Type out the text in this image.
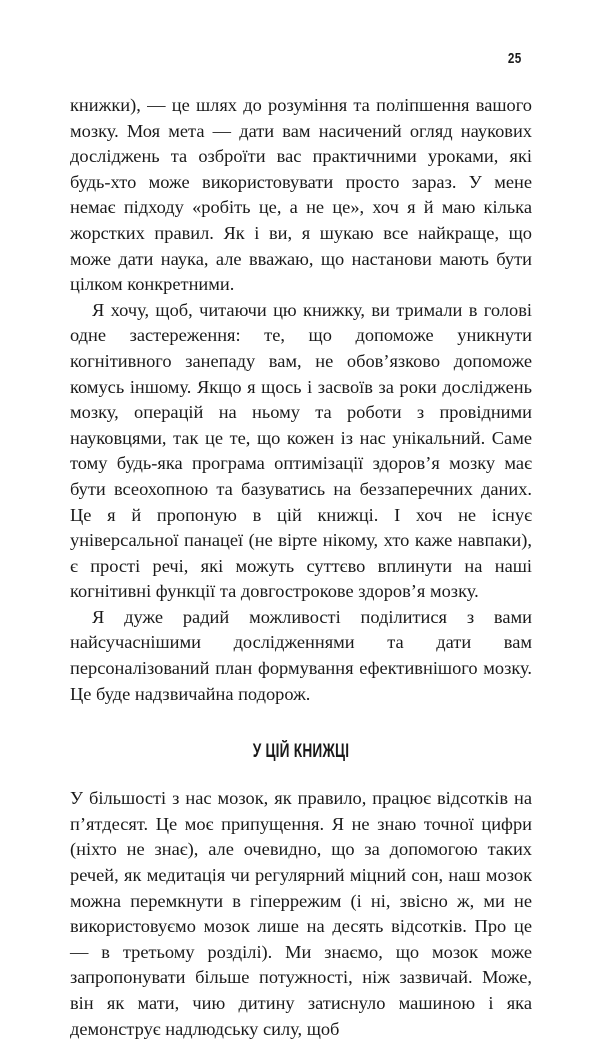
25

книжки), — це шлях до розуміння та поліпшення вашого мозку. Моя мета — дати вам насичений огляд наукових досліджень та озброїти вас практичними уроками, які будь-хто може використовувати просто зараз. У мене немає підходу «робіть це, а не це», хоч я й маю кілька жорстких правил. Як і ви, я шукаю все найкраще, що може дати наука, але вважаю, що настанови мають бути цілком конкретними.

Я хочу, щоб, читаючи цю книжку, ви тримали в голові одне застереження: те, що допоможе уникнути когнітивного занепаду вам, не обов’язково допоможе комусь іншому. Якщо я щось і засвоїв за роки досліджень мозку, операцій на ньому та роботи з провідними науковцями, так це те, що кожен із нас унікальний. Саме тому будь-яка програма оптимізації здоров’я мозку має бути всеохопною та базуватись на беззаперечних даних. Це я й пропоную в цій книжці. І хоч не існує універсальної панацеї (не вірте нікому, хто каже навпаки), є прості речі, які можуть суттєво вплинути на наші когнітивні функції та довгострокове здоров’я мозку.

Я дуже радий можливості поділитися з вами найсучаснішими дослідженнями та дати вам персоналізований план формування ефективнішого мозку. Це буде надзвичайна подорож.

У ЦІЙ КНИЖЦІ

У більшості з нас мозок, як правило, працює відсотків на п’ятдесят. Це моє припущення. Я не знаю точної цифри (ніхто не знає), але очевидно, що за допомогою таких речей, як медитація чи регулярний міцний сон, наш мозок можна перемкнути в гіперрежим (і ні, звісно ж, ми не використовуємо мозок лише на десять відсотків. Про це — в третьому розділі). Ми знаємо, що мозок може запропонувати більше потужності, ніж зазвичай. Може, він як мати, чию дитину затиснуло машиною і яка демонструє надлюдську силу, щоб
